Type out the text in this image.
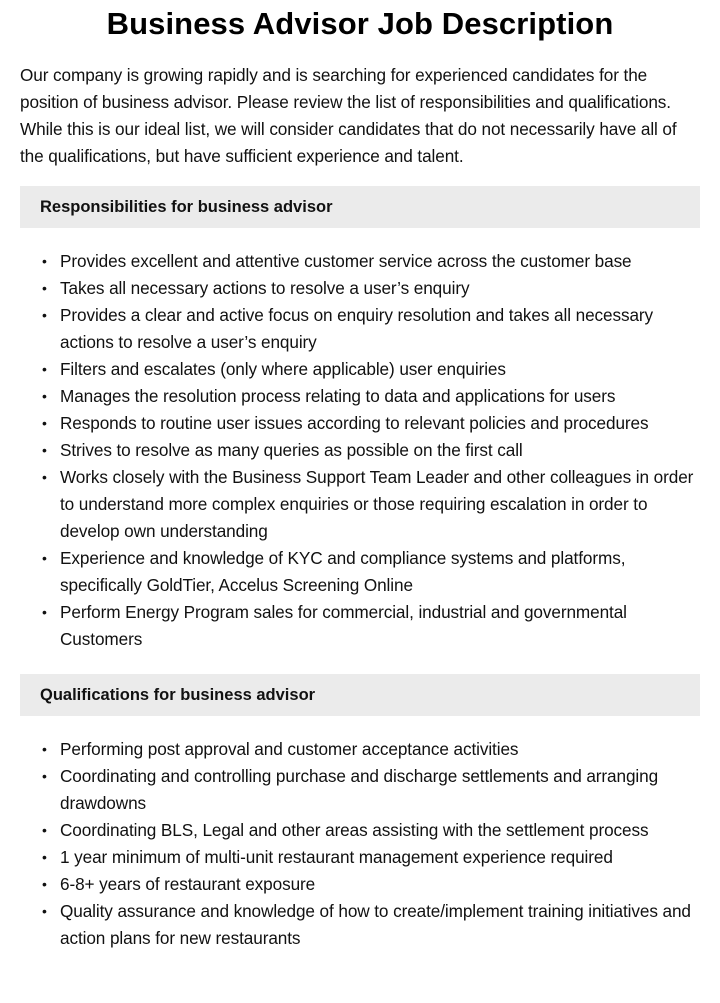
Business Advisor Job Description

Our company is growing rapidly and is searching for experienced candidates for the position of business advisor. Please review the list of responsibilities and qualifications. While this is our ideal list, we will consider candidates that do not necessarily have all of the qualifications, but have sufficient experience and talent.

Responsibilities for business advisor
• Provides excellent and attentive customer service across the customer base
• Takes all necessary actions to resolve a user’s enquiry
• Provides a clear and active focus on enquiry resolution and takes all necessary actions to resolve a user’s enquiry
• Filters and escalates (only where applicable) user enquiries
• Manages the resolution process relating to data and applications for users
• Responds to routine user issues according to relevant policies and procedures
• Strives to resolve as many queries as possible on the first call
• Works closely with the Business Support Team Leader and other colleagues in order to understand more complex enquiries or those requiring escalation in order to develop own understanding
• Experience and knowledge of KYC and compliance systems and platforms, specifically GoldTier, Accelus Screening Online
• Perform Energy Program sales for commercial, industrial and governmental Customers
Qualifications for business advisor
• Performing post approval and customer acceptance activities
• Coordinating and controlling purchase and discharge settlements and arranging drawdowns
• Coordinating BLS, Legal and other areas assisting with the settlement process
• 1 year minimum of multi-unit restaurant management experience required
• 6-8+ years of restaurant exposure
• Quality assurance and knowledge of how to create/implement training initiatives and action plans for new restaurants
